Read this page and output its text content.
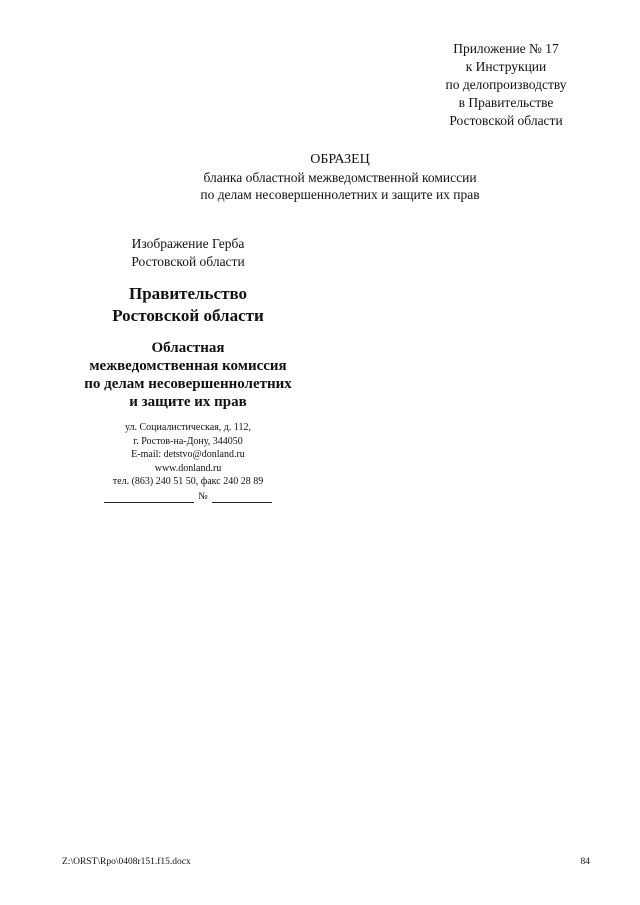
Приложение № 17
к Инструкции
по делопроизводству
в Правительстве
Ростовской области
ОБРАЗЕЦ
бланка областной межведомственной комиссии
по делам несовершеннолетних и защите их прав
Изображение Герба
Ростовской области
Правительство
Ростовской области
Областная
межведомственная комиссия
по делам несовершеннолетних
и защите их прав
ул. Социалистическая, д. 112,
г. Ростов-на-Дону, 344050
E-mail: detstvo@donland.ru
www.donland.ru
тел. (863) 240 51 50, факс 240 28 89
№
Z:\ORST\Rpo\0408r151.f15.docx	84
